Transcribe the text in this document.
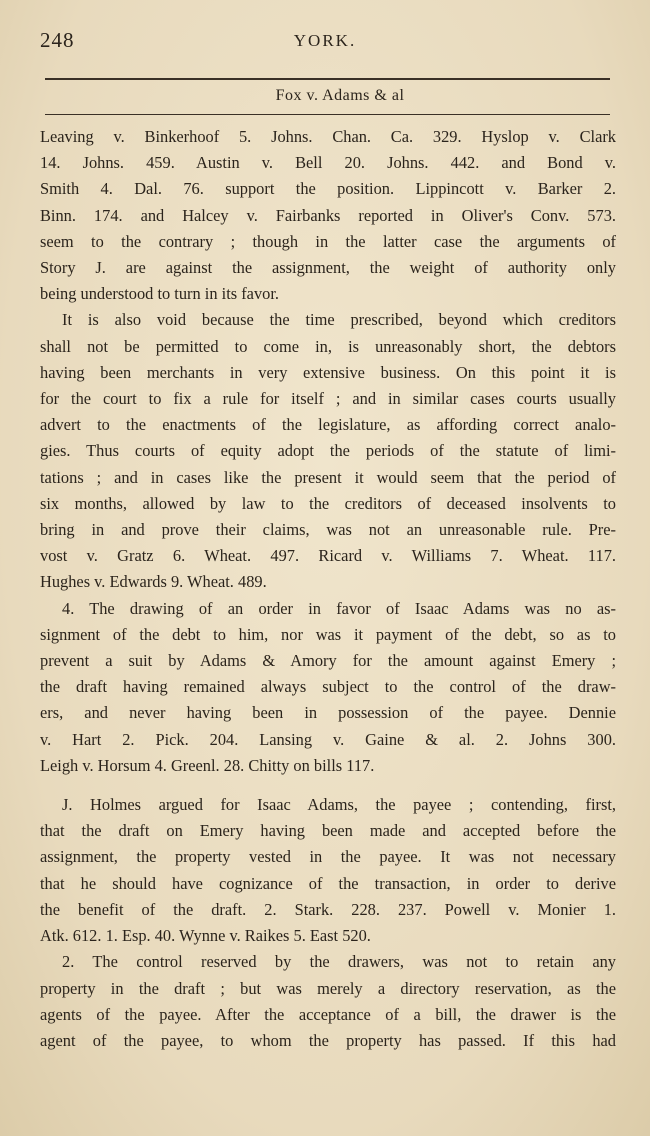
248	YORK.
Fox v. Adams & al

Leaving v. Binkerhoof 5. Johns. Chan. Ca. 329. Hyslop v. Clark

14. Johns. 459. Austin v. Bell 20. Johns. 442. and Bond v.

Smith 4. Dal. 76. support the position. Lippincott v. Barker 2.

Binn. 174. and Halcey v. Fairbanks reported in Oliver's Conv. 573.

seem to the contrary ; though in the latter case the arguments of

Story J. are against the assignment, the weight of authority only

being understood to turn in its favor.

It is also void because the time prescribed, beyond which creditors

shall not be permitted to come in, is unreasonably short, the debtors

having been merchants in very extensive business. On this point it is

for the court to fix a rule for itself ; and in similar cases courts usually

advert to the enactments of the legislature, as affording correct analo-

gies. Thus courts of equity adopt the periods of the statute of limi-

tations ; and in cases like the present it would seem that the period of

six months, allowed by law to the creditors of deceased insolvents to

bring in and prove their claims, was not an unreasonable rule. Pre-

vost v. Gratz 6. Wheat. 497. Ricard v. Williams 7. Wheat. 117.

Hughes v. Edwards 9. Wheat. 489.

4. The drawing of an order in favor of Isaac Adams was no as-

signment of the debt to him, nor was it payment of the debt, so as to

prevent a suit by Adams & Amory for the amount against Emery ;

the draft having remained always subject to the control of the draw-

ers, and never having been in possession of the payee. Dennie

v. Hart 2. Pick. 204. Lansing v. Gaine & al. 2. Johns 300.

Leigh v. Horsum 4. Greenl. 28. Chitty on bills 117.

J. Holmes argued for Isaac Adams, the payee ; contending, first,

that the draft on Emery having been made and accepted before the

assignment, the property vested in the payee. It was not necessary

that he should have cognizance of the transaction, in order to derive

the benefit of the draft. 2. Stark. 228. 237. Powell v. Monier 1.

Atk. 612. 1. Esp. 40. Wynne v. Raikes 5. East 520.

2. The control reserved by the drawers, was not to retain any

property in the draft ; but was merely a directory reservation, as the

agents of the payee. After the acceptance of a bill, the drawer is the

agent of the payee, to whom the property has passed. If this had
